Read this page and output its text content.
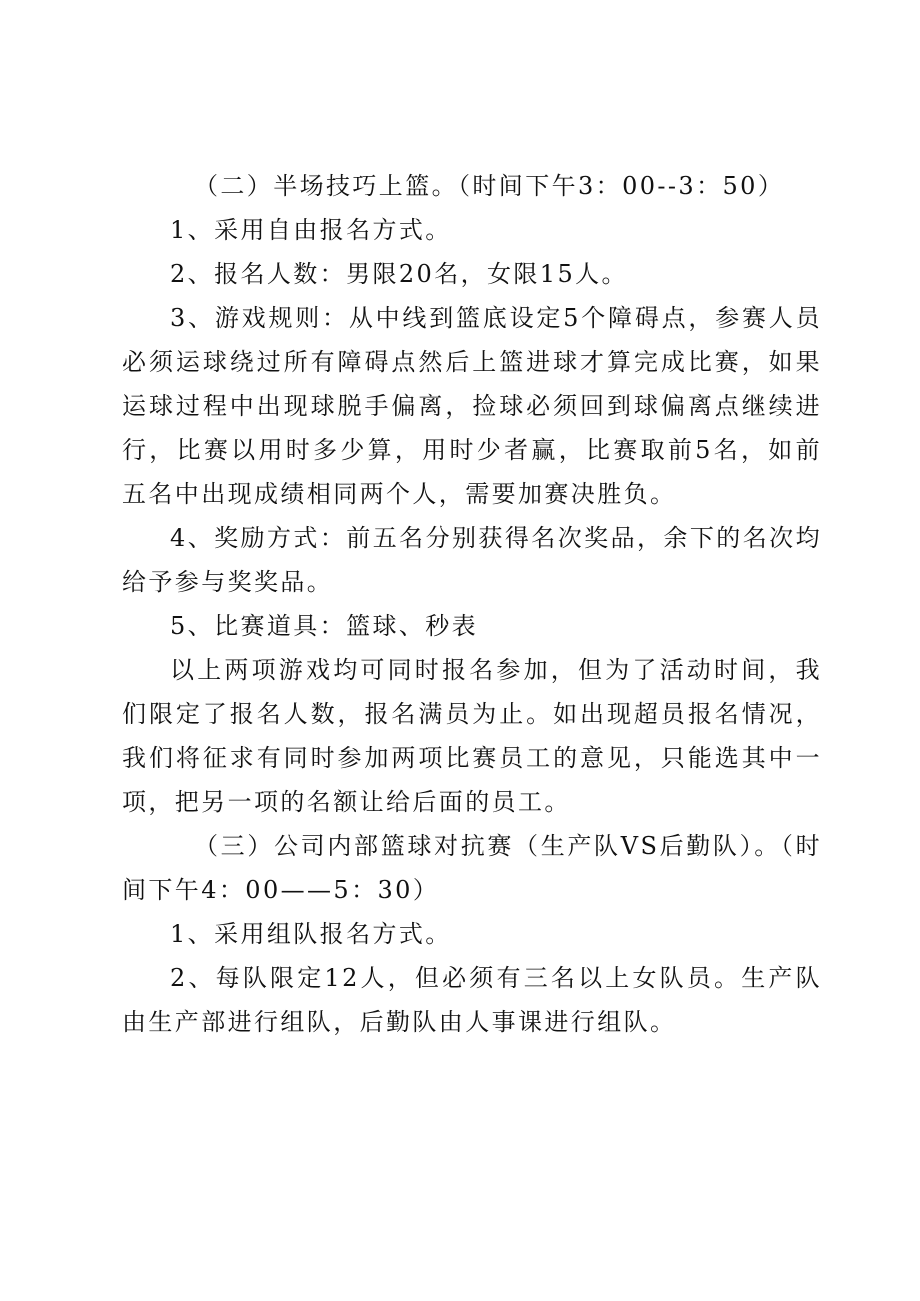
（二）半场技巧上篮。（时间下午3：00--3：50）

1、采用自由报名方式。

2、报名人数：男限20名，女限15人。

3、游戏规则：从中线到篮底设定5个障碍点，参赛人员必须运球绕过所有障碍点然后上篮进球才算完成比赛，如果运球过程中出现球脱手偏离，捡球必须回到球偏离点继续进行，比赛以用时多少算，用时少者赢，比赛取前5名，如前五名中出现成绩相同两个人，需要加赛决胜负。

4、奖励方式：前五名分别获得名次奖品，余下的名次均给予参与奖奖品。

5、比赛道具：篮球、秒表

以上两项游戏均可同时报名参加，但为了活动时间，我们限定了报名人数，报名满员为止。如出现超员报名情况，我们将征求有同时参加两项比赛员工的意见，只能选其中一项，把另一项的名额让给后面的员工。

（三）公司内部篮球对抗赛（生产队VS后勤队）。（时间下午4：00——5：30）

1、采用组队报名方式。

2、每队限定12人，但必须有三名以上女队员。生产队由生产部进行组队，后勤队由人事课进行组队。
